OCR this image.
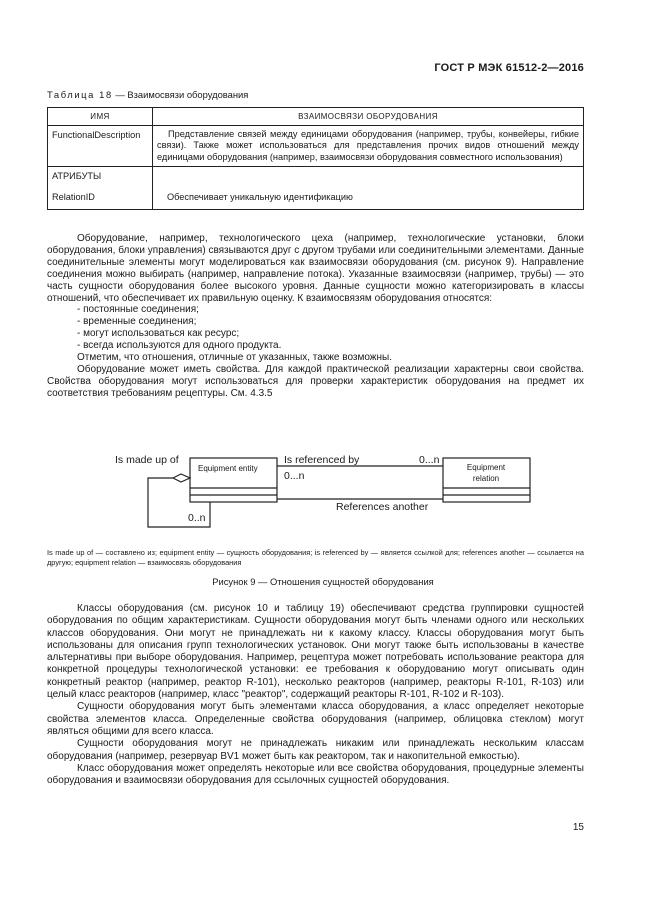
ГОСТ Р МЭК 61512-2—2016
Таблица 18 — Взаимосвязи оборудования
ИМЯ	ВЗАИМОСВЯЗИ ОБОРУДОВАНИЯ

FunctionalDescription	Представление связей между единицами оборудования (например, трубы, конвейеры, гибкие связи). Также может использоваться для представления прочих видов отношений между единицами оборудования (например, взаимосвязи оборудования совместного использования)

АТРИБУТЫ
RelationID	Обеспечивает уникальную идентификацию

Оборудование, например, технологического цеха (например, технологические установки, блоки оборудования, блоки управления) связываются друг с другом трубами или соединительными элементами. Данные соединительные элементы могут моделироваться как взаимосвязи оборудования (см. рисунок 9). Направление соединения можно выбирать (например, направление потока). Указанные взаимосвязи (например, трубы) — это часть сущности оборудования более высокого уровня. Данные сущности можно категоризировать в классы отношений, что обеспечивает их правильную оценку. К взаимосвязям оборудования относятся:

- постоянные соединения;

- временные соединения;

- могут использоваться как ресурс;

- всегда используются для одного продукта.

Отметим, что отношения, отличные от указанных, также возможны.

Оборудование может иметь свойства. Для каждой практической реализации характерны свои свойства. Свойства оборудования могут использоваться для проверки характеристик оборудования на предмет их соответствия требованиям рецептуры. См. 4.3.5

Is made up of
Equipment entity
Is referenced by	0...n
Equipment
relation
0...n
References another
0..n
Is made up of — составлено из; equipment entity — сущность оборудования; is referenced by — является ссылкой для; references another — ссылается на другую; equipment relation — взаимосвязь оборудования
Рисунок 9 — Отношения сущностей оборудования

Классы оборудования (см. рисунок 10 и таблицу 19) обеспечивают средства группировки сущностей оборудования по общим характеристикам. Сущности оборудования могут быть членами одного или нескольких классов оборудования. Они могут не принадлежать ни к какому классу. Классы оборудования могут быть использованы для описания групп технологических установок. Они могут также быть использованы в качестве альтернативы при выборе оборудования. Например, рецептура может потребовать использование реактора для конкретной процедуры технологической установки: ее требования к оборудованию могут описывать один конкретный реактор (например, реактор R-101), несколько реакторов (например, реакторы R-101, R-103) или целый класс реакторов (например, класс "реактор", содержащий реакторы R-101, R-102 и R-103).

Сущности оборудования могут быть элементами класса оборудования, а класс определяет некоторые свойства элементов класса. Определенные свойства оборудования (например, облицовка стеклом) могут являться общими для всего класса.

Сущности оборудования могут не принадлежать никаким или принадлежать нескольким классам оборудования (например, резервуар BV1 может быть как реактором, так и накопительной емкостью).

Класс оборудования может определять некоторые или все свойства оборудования, процедурные элементы оборудования и взаимосвязи оборудования для ссылочных сущностей оборудования.

15
